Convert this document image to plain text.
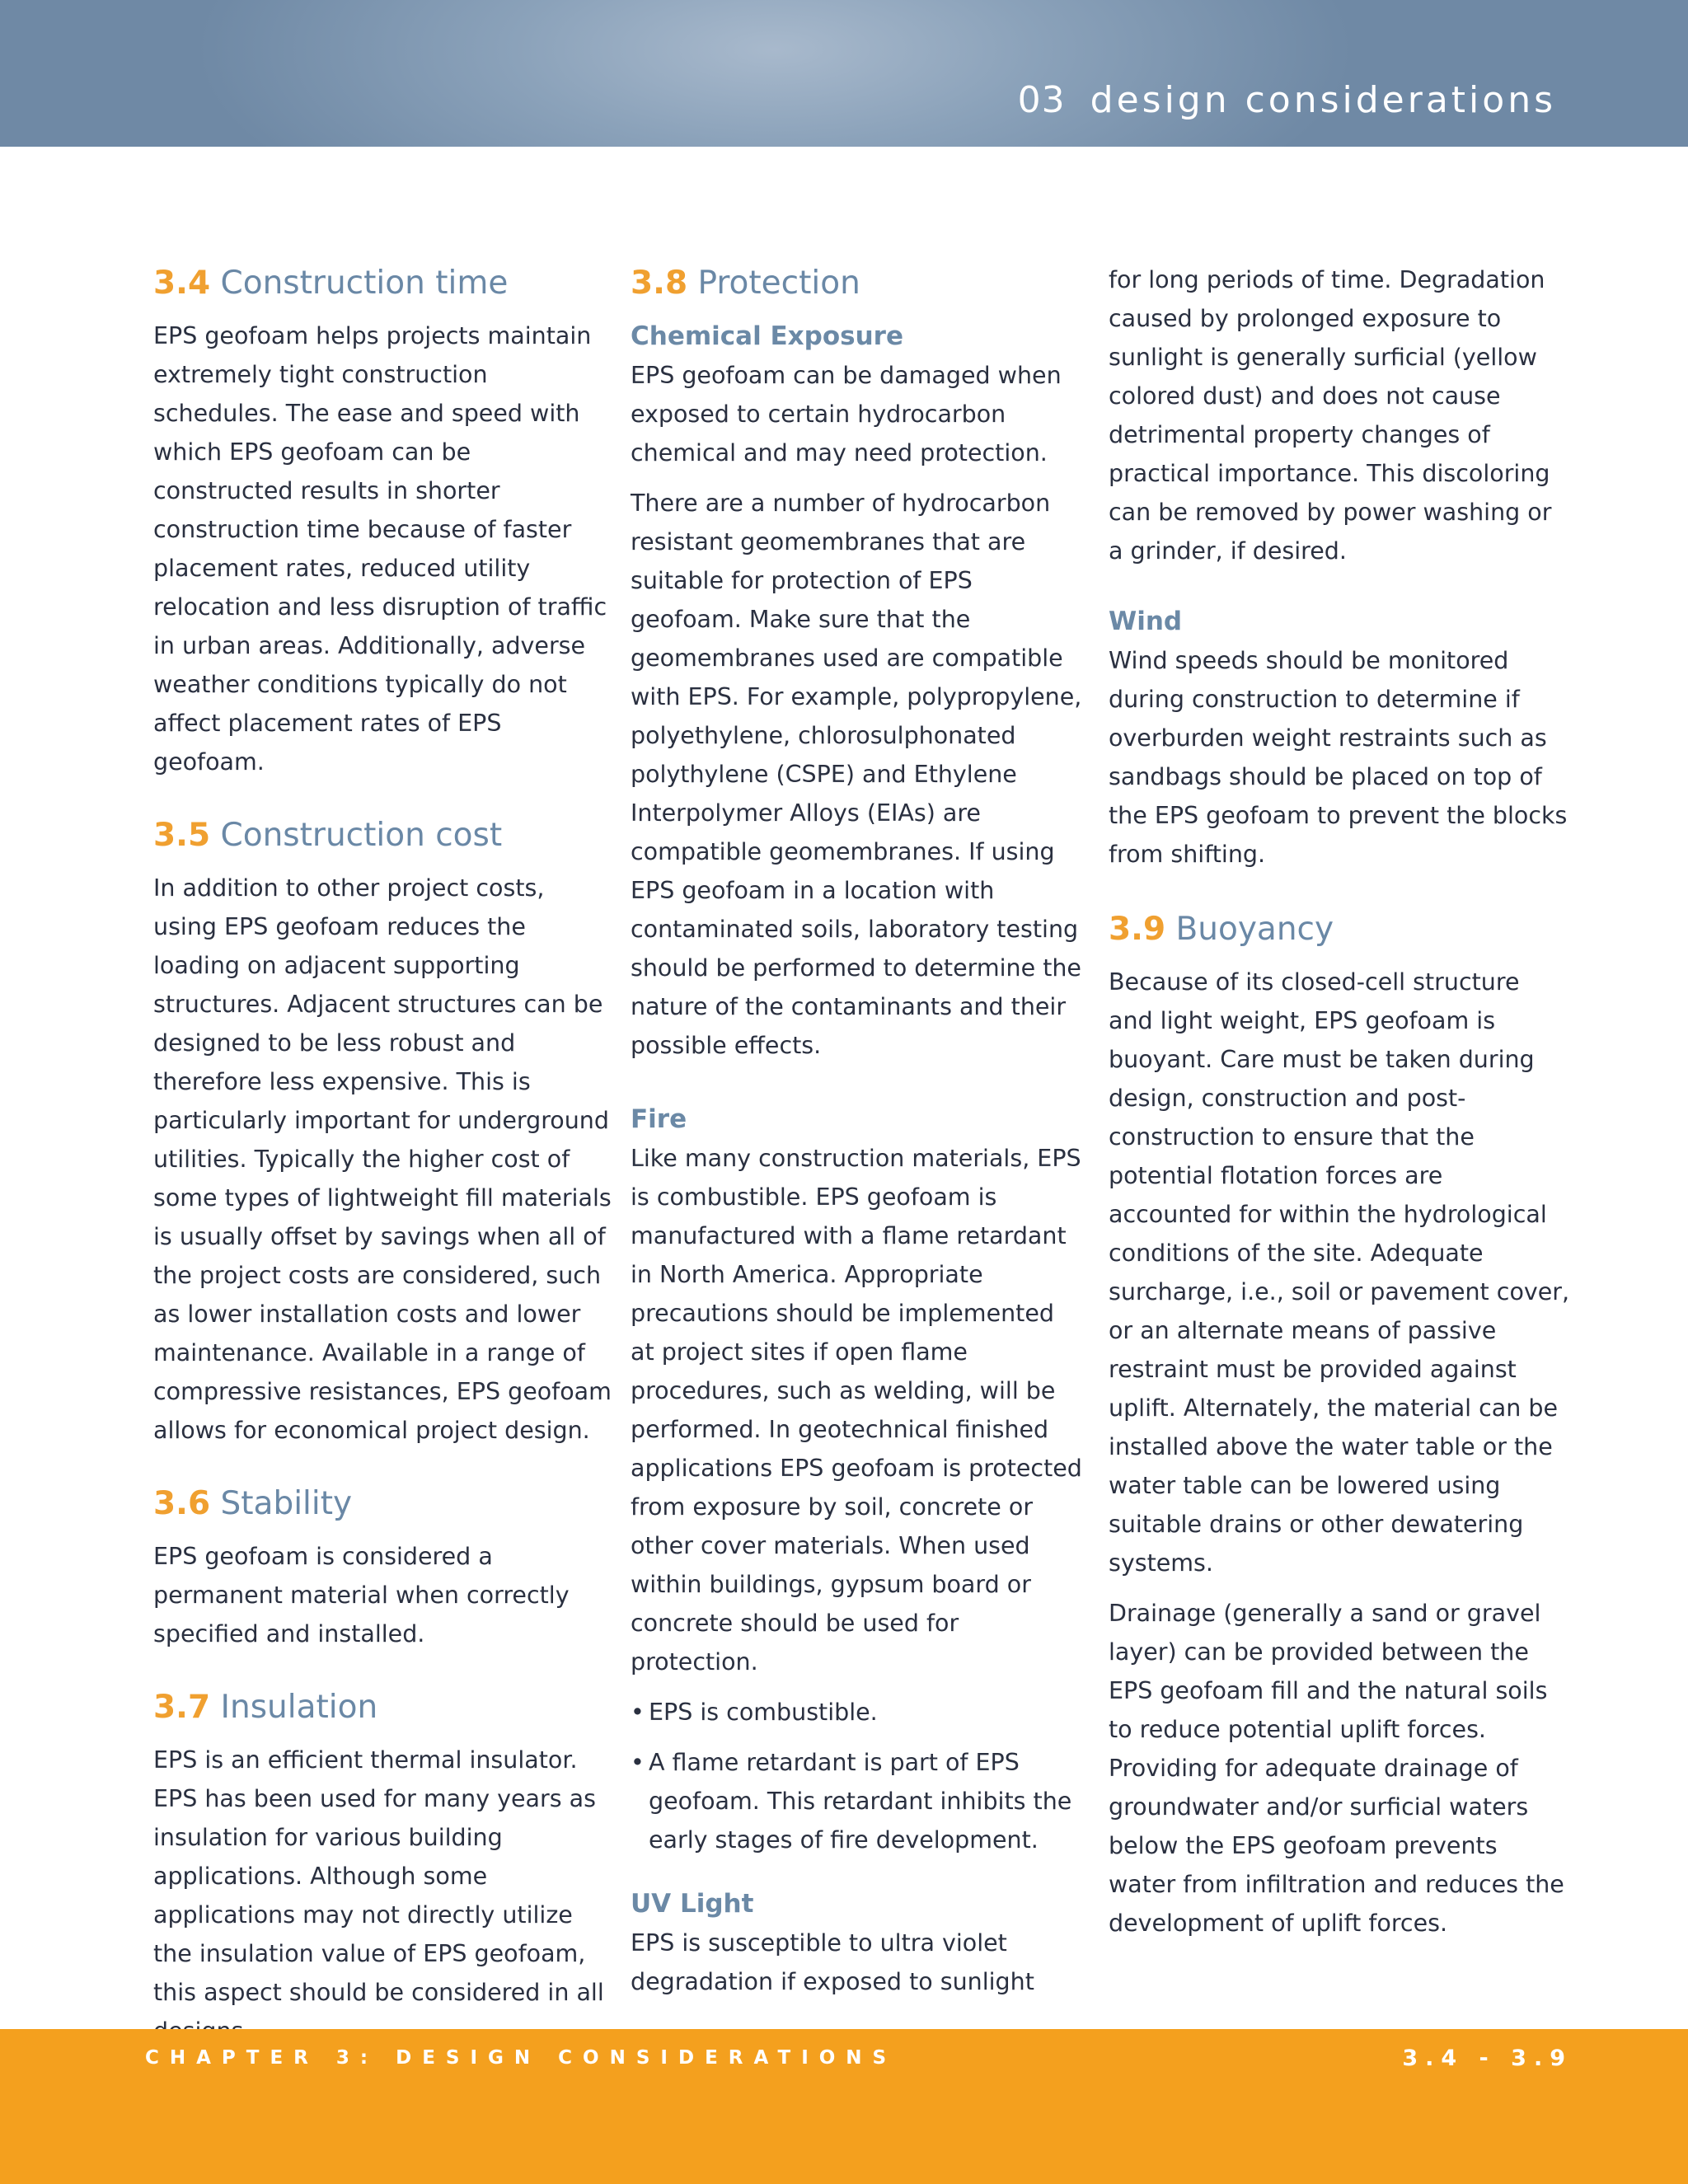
03 design considerations
3.4 Construction time

EPS geofoam helps projects maintain extremely tight construction schedules. The ease and speed with which EPS geofoam can be constructed results in shorter construction time because of faster placement rates, reduced utility relocation and less disruption of traffic in urban areas. Additionally, adverse weather conditions typically do not affect placement rates of EPS geofoam.

3.5 Construction cost

In addition to other project costs, using EPS geofoam reduces the loading on adjacent supporting structures. Adjacent structures can be designed to be less robust and therefore less expensive. This is particularly important for underground utilities. Typically the higher cost of some types of lightweight fill materials is usually offset by savings when all of the project costs are considered, such as lower installation costs and lower maintenance. Available in a range of compressive resistances, EPS geofoam allows for economical project design.

3.6 Stability

EPS geofoam is considered a permanent material when correctly specified and installed.

3.7 Insulation

EPS is an efficient thermal insulator. EPS has been used for many years as insulation for various building applications. Although some applications may not directly utilize the insulation value of EPS geofoam, this aspect should be considered in all

3.8 Protection
Chemical Exposure

EPS geofoam can be damaged when exposed to certain hydrocarbon chemical and may need protection.

There are a number of hydrocarbon resistant geomembranes that are suitable for protection of EPS geofoam. Make sure that the geomembranes used are compatible with EPS. For example, polypropylene, polyethylene, chlorosulphonated polythylene (CSPE) and Ethylene Interpolymer Alloys (EIAs) are compatible geomembranes. If using EPS geofoam in a location with contaminated soils, laboratory testing should be performed to determine the nature of the contaminants and their possible effects.

Fire

Like many construction materials, EPS is combustible. EPS geofoam is manufactured with a flame retardant in North America. Appropriate precautions should be implemented at project sites if open flame procedures, such as welding, will be performed. In geotechnical finished applications EPS geofoam is protected from exposure by soil, concrete or other cover materials. When used within buildings, gypsum board or concrete should be used for protection.

• EPS is combustible.
• A flame retardant is part of EPS geofoam. This retardant inhibits the early stages of fire development.
UV Light

EPS is susceptible to ultra violet degradation if exposed to sunlight

for long periods of time. Degradation caused by prolonged exposure to sunlight is generally surficial (yellow colored dust) and does not cause detrimental property changes of practical importance. This discoloring can be removed by power washing or a grinder, if desired.

Wind

Wind speeds should be monitored during construction to determine if overburden weight restraints such as sandbags should be placed on top of the EPS geofoam to prevent the blocks from shifting.

3.9 Buoyancy

Because of its closed-cell structure and light weight, EPS geofoam is buoyant. Care must be taken during design, construction and post-construction to ensure that the potential flotation forces are accounted for within the hydrological conditions of the site. Adequate surcharge, i.e., soil or pavement cover, or an alternate means of passive restraint must be provided against uplift. Alternately, the material can be installed above the water table or the water table can be lowered using suitable drains or other dewatering systems.

Drainage (generally a sand or gravel layer) can be provided between the EPS geofoam fill and the natural soils to reduce potential uplift forces. Providing for adequate drainage of groundwater and/or surficial waters below the EPS geofoam prevents water from infiltration and reduces the development of uplift forces.

CHAPTER 3: DESIGN CONSIDERATIONS	3.4 - 3.9
